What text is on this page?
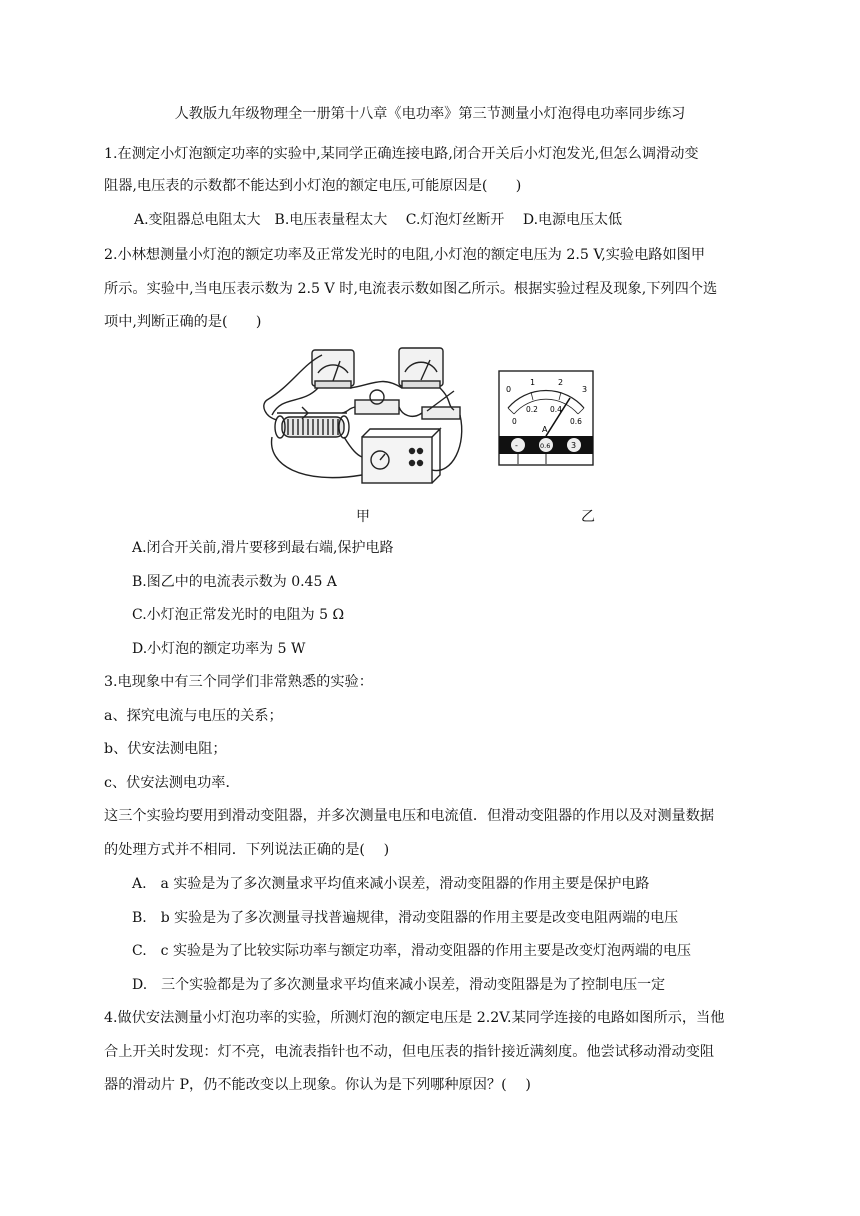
人教版九年级物理全一册第十八章《电功率》第三节测量小灯泡得电功率同步练习
1.在测定小灯泡额定功率的实验中,某同学正确连接电路,闭合开关后小灯泡发光,但怎么调滑动变
阻器,电压表的示数都不能达到小灯泡的额定电压,可能原因是(　　)
A.变阻器总电阻太大　B.电压表量程太大　 C.灯泡灯丝断开　 D.电源电压太低
2.小林想测量小灯泡的额定功率及正常发光时的电阻,小灯泡的额定电压为 2.5 V,实验电路如图甲
所示。实验中,当电压表示数为 2.5 V 时,电流表示数如图乙所示。根据实验过程及现象,下列四个选
项中,判断正确的是(　　)
甲
0
1	2
3
0
0.2 0.4
0.6
A
-	0.6	3
乙
A.闭合开关前,滑片要移到最右端,保护电路
B.图乙中的电流表示数为 0.45 A
C.小灯泡正常发光时的电阻为 5 Ω
D.小灯泡的额定功率为 5 W
3.电现象中有三个同学们非常熟悉的实验：
a、探究电流与电压的关系；
b、伏安法测电阻；
c、伏安法测电功率．
这三个实验均要用到滑动变阻器，并多次测量电压和电流值．但滑动变阻器的作用以及对测量数据
的处理方式并不相同．下列说法正确的是(　 )
A.　a 实验是为了多次测量求平均值来减小误差，滑动变阻器的作用主要是保护电路
B.　b 实验是为了多次测量寻找普遍规律，滑动变阻器的作用主要是改变电阻两端的电压
C.　c 实验是为了比较实际功率与额定功率，滑动变阻器的作用主要是改变灯泡两端的电压
D.　三个实验都是为了多次测量求平均值来减小误差，滑动变阻器是为了控制电压一定
4.做伏安法测量小灯泡功率的实验，所测灯泡的额定电压是 2.2V.某同学连接的电路如图所示，当他
合上开关时发现：灯不亮，电流表指针也不动，但电压表的指针接近满刻度。他尝试移动滑动变阻
器的滑动片 P，仍不能改变以上现象。你认为是下列哪种原因？(　 )
